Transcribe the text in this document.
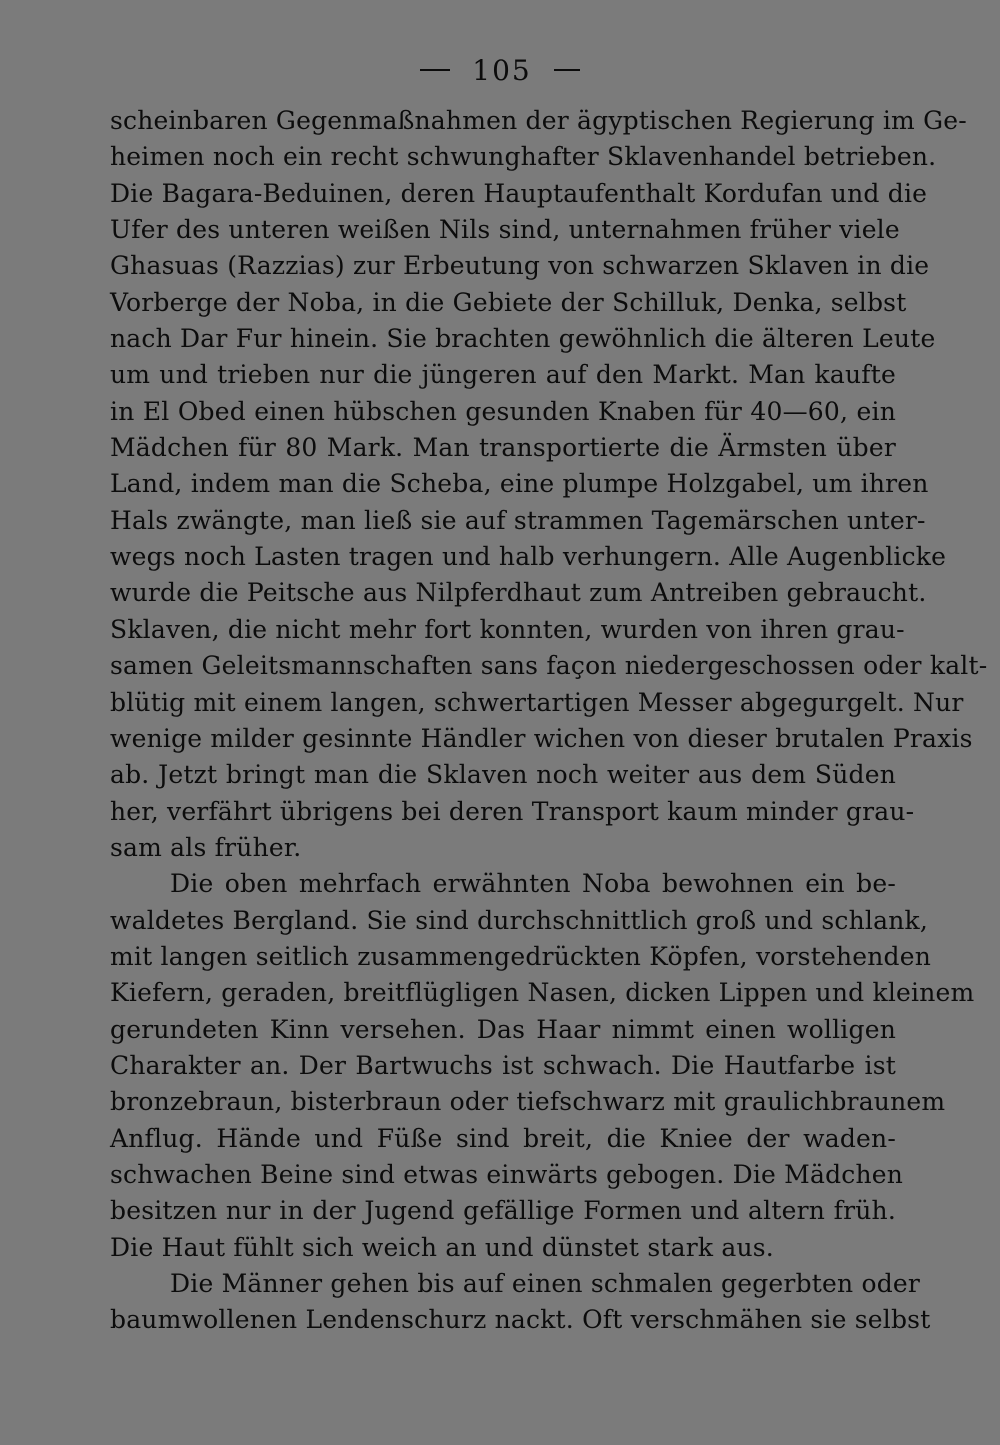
105
scheinbaren Gegenmaßnahmen der ägyptischen Regierung im Ge-
heimen noch ein recht schwunghafter Sklavenhandel betrieben.
Die Bagara-Beduinen, deren Hauptaufenthalt Kordufan und die
Ufer des unteren weißen Nils sind, unternahmen früher viele
Ghasuas (Razzias) zur Erbeutung von schwarzen Sklaven in die
Vorberge der Noba, in die Gebiete der Schilluk, Denka, selbst
nach Dar Fur hinein. Sie brachten gewöhnlich die älteren Leute
um und trieben nur die jüngeren auf den Markt. Man kaufte
in El Obed einen hübschen gesunden Knaben für 40—60, ein
Mädchen für 80 Mark. Man transportierte die Ärmsten über
Land, indem man die Scheba, eine plumpe Holzgabel, um ihren
Hals zwängte, man ließ sie auf strammen Tagemärschen unter-
wegs noch Lasten tragen und halb verhungern. Alle Augenblicke
wurde die Peitsche aus Nilpferdhaut zum Antreiben gebraucht.
Sklaven, die nicht mehr fort konnten, wurden von ihren grau-
samen Geleitsmannschaften sans façon niedergeschossen oder kalt-
blütig mit einem langen, schwertartigen Messer abgegurgelt. Nur
wenige milder gesinnte Händler wichen von dieser brutalen Praxis
ab. Jetzt bringt man die Sklaven noch weiter aus dem Süden
her, verfährt übrigens bei deren Transport kaum minder grau-
sam als früher.
Die oben mehrfach erwähnten Noba bewohnen ein be-
waldetes Bergland. Sie sind durchschnittlich groß und schlank,
mit langen seitlich zusammengedrückten Köpfen, vorstehenden
Kiefern, geraden, breitflügligen Nasen, dicken Lippen und kleinem
gerundeten Kinn versehen. Das Haar nimmt einen wolligen
Charakter an. Der Bartwuchs ist schwach. Die Hautfarbe ist
bronzebraun, bisterbraun oder tiefschwarz mit graulichbraunem
Anflug. Hände und Füße sind breit, die Kniee der waden-
schwachen Beine sind etwas einwärts gebogen. Die Mädchen
besitzen nur in der Jugend gefällige Formen und altern früh.
Die Haut fühlt sich weich an und dünstet stark aus.
Die Männer gehen bis auf einen schmalen gegerbten oder
baumwollenen Lendenschurz nackt. Oft verschmähen sie selbst
